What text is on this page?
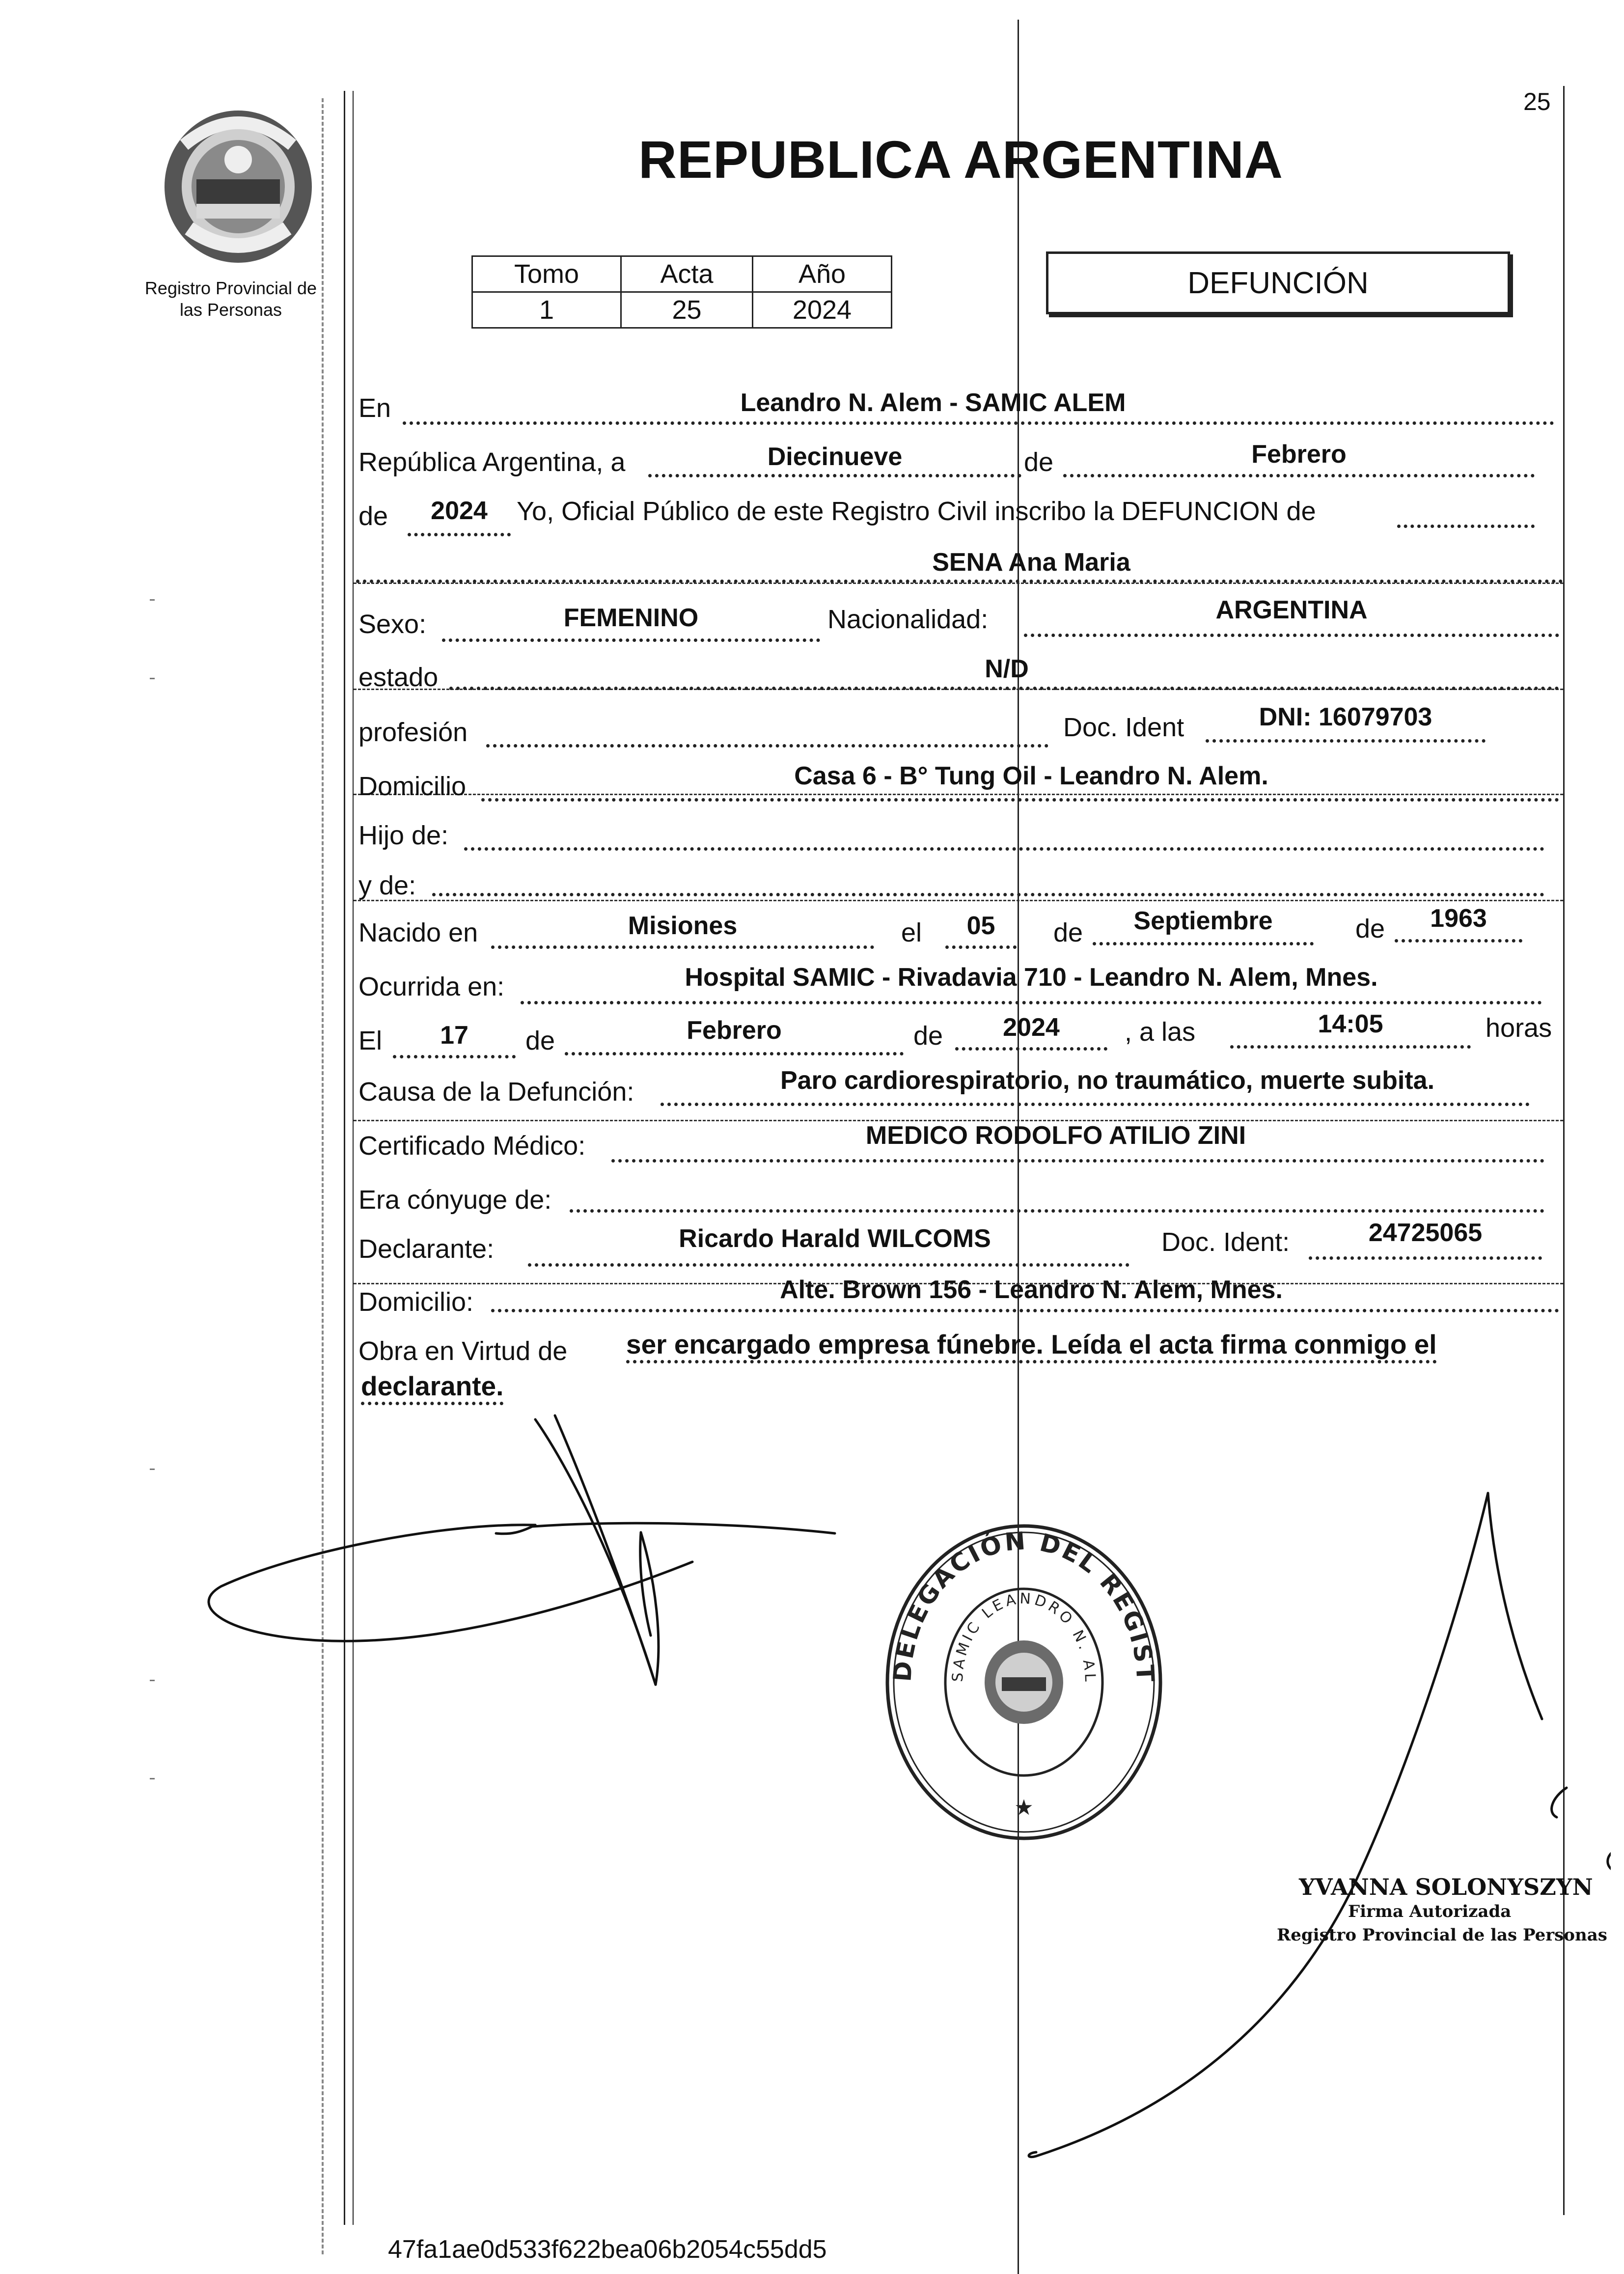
25
Registro Provincial de
las Personas
REPUBLICA ARGENTINA
Tomo	Acta	Año
1	25	2024
DEFUNCIÓN
En	Leandro N. Alem - SAMIC ALEM
República Argentina, a	Diecinueve	de	Febrero
de	2024	Yo, Oficial Público de este Registro Civil inscribo la DEFUNCION de
SENA Ana Maria
Sexo:	FEMENINO	Nacionalidad:	ARGENTINA
estado	N/D
profesión	Doc. Ident	DNI: 16079703
Domicilio	Casa 6 - B° Tung Oil - Leandro N. Alem.
Hijo de:
y de:
Nacido en	Misiones	el	05	de	Septiembre	de	1963
Ocurrida en:	Hospital SAMIC - Rivadavia 710 - Leandro N. Alem, Mnes.
El	17	de	Febrero	de	2024	, a las	14:05	horas
Causa de la Defunción:	Paro cardiorespiratorio, no traumático, muerte subita.
Certificado Médico:	MEDICO RODOLFO ATILIO ZINI
Era cónyuge de:
Declarante:	Ricardo Harald WILCOMS	Doc. Ident:	24725065
Domicilio:	Alte. Brown 156 - Leandro N. Alem, Mnes.
Obra en Virtud de ser encargado empresa fúnebre. Leída el acta firma conmigo el
declarante.
DELEGACIÓN DEL REGIST
SAMIC LEANDRO N. AL
★
YVANNA SOLONYSZYN
Firma Autorizada
Registro Provincial de las Personas
47fa1ae0d533f622bea06b2054c55dd5
